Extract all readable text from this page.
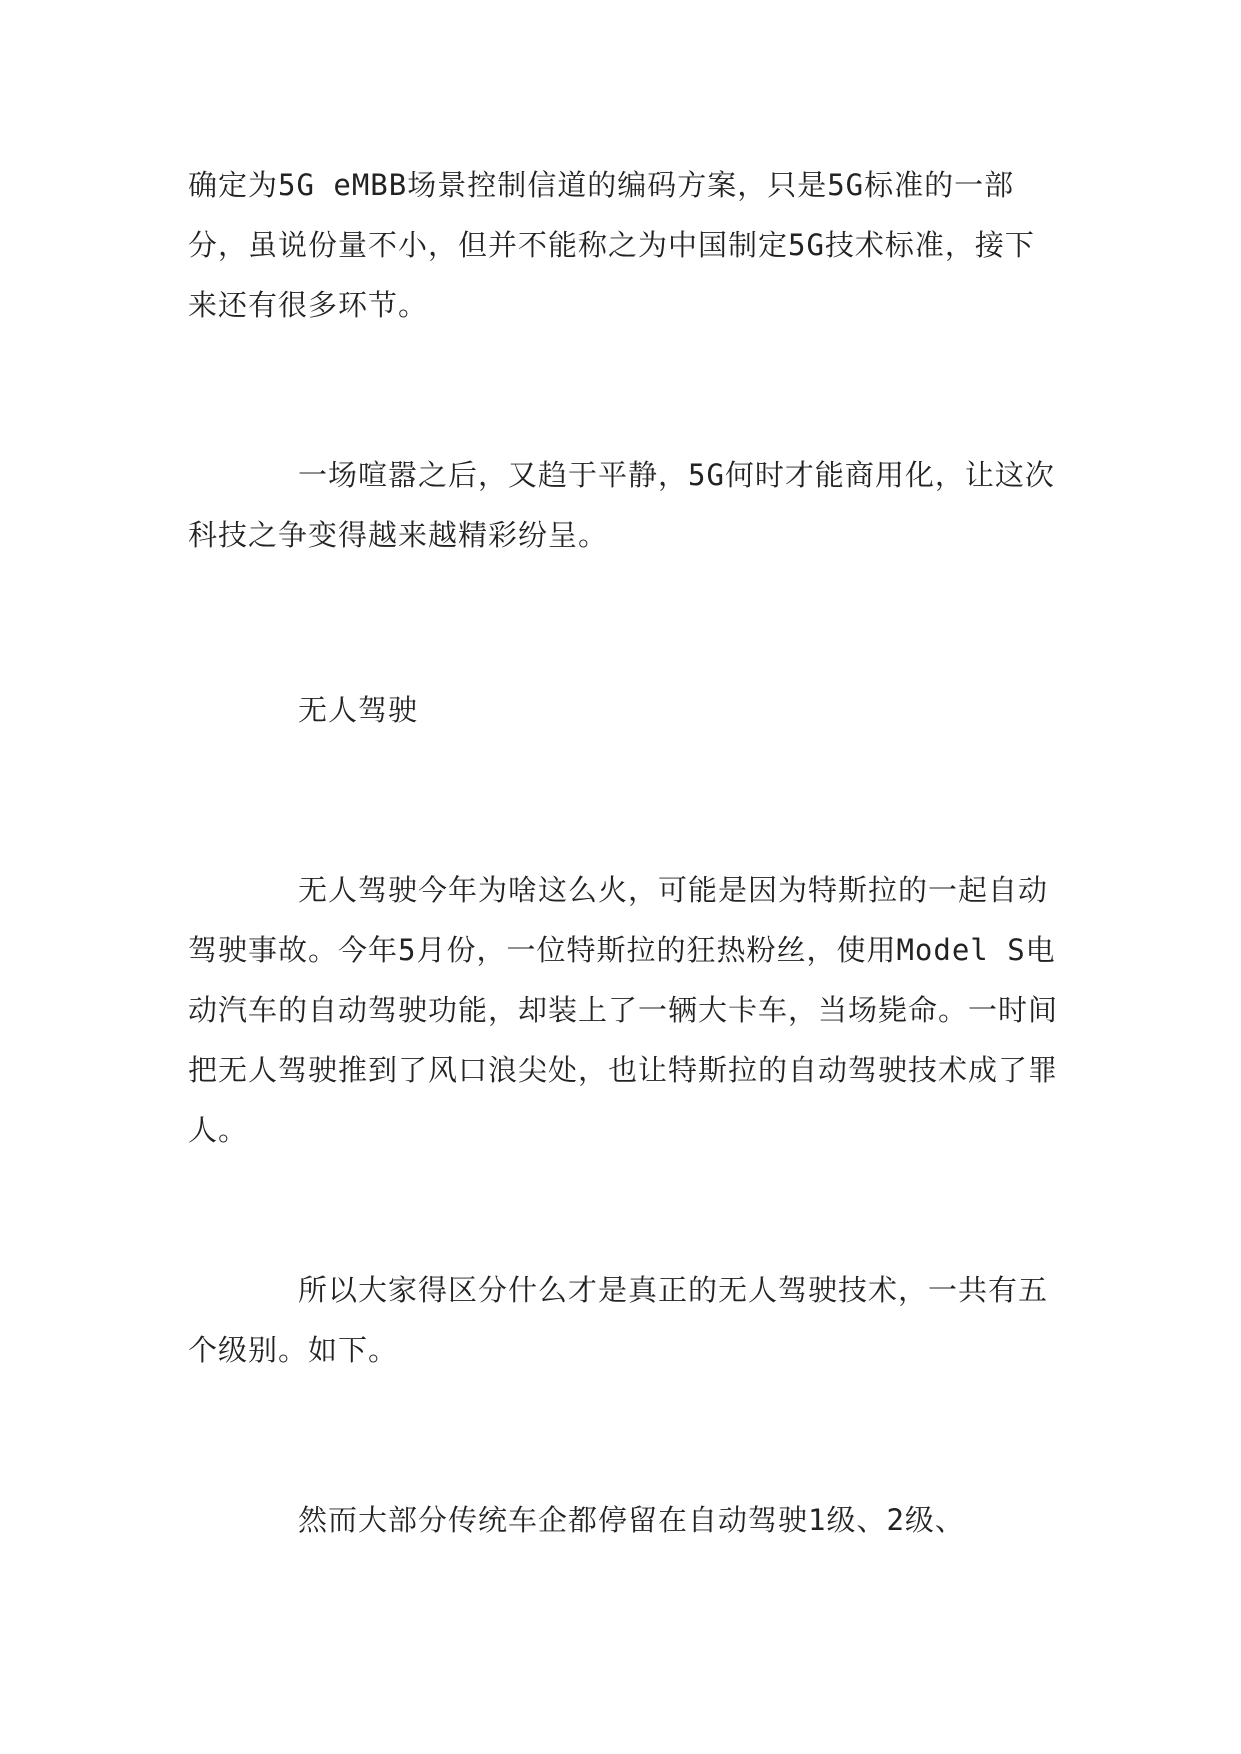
确定为5G eMBB场景控制信道的编码方案，只是5G标准的一部分，虽说份量不小，但并不能称之为中国制定5G技术标准，接下来还有很多环节。

一场喧嚣之后，又趋于平静，5G何时才能商用化，让这次科技之争变得越来越精彩纷呈。

无人驾驶

无人驾驶今年为啥这么火，可能是因为特斯拉的一起自动驾驶事故。今年5月份，一位特斯拉的狂热粉丝，使用Model S电动汽车的自动驾驶功能，却装上了一辆大卡车，当场毙命。一时间把无人驾驶推到了风口浪尖处，也让特斯拉的自动驾驶技术成了罪人。

所以大家得区分什么才是真正的无人驾驶技术，一共有五个级别。如下。

然而大部分传统车企都停留在自动驾驶1级、2级、
